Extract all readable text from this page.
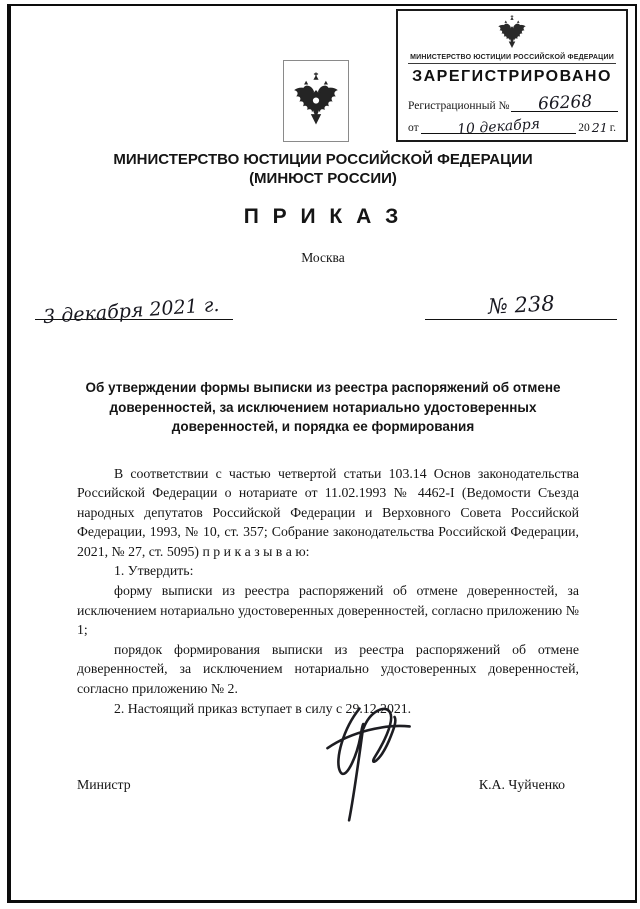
МИНИСТЕРСТВО ЮСТИЦИИ РОССИЙСКОЙ ФЕДЕРАЦИИ
ЗАРЕГИСТРИРОВАНО
Регистрационный №	66268
от	10 декабря	20 21 г.
МИНИСТЕРСТВО ЮСТИЦИИ РОССИЙСКОЙ ФЕДЕРАЦИИ
(МИНЮСТ РОССИИ)
П Р И К А З
Москва
3 декабря 2021 г.	№ 238
Об утверждении формы выписки из реестра распоряжений об отмене доверенностей, за исключением нотариально удостоверенных доверенностей, и порядка ее формирования

В соответствии с частью четвертой статьи 103.14 Основ законодательства Российской Федерации о нотариате от 11.02.1993 № 4462-I (Ведомости Съезда народных депутатов Российской Федерации и Верховного Совета Российской Федерации, 1993, № 10, ст. 357; Собрание законодательства Российской Федерации, 2021, № 27, ст. 5095) п р и к а з ы в а ю:

1. Утвердить:

форму выписки из реестра распоряжений об отмене доверенностей, за исключением нотариально удостоверенных доверенностей, согласно приложению № 1;

порядок формирования выписки из реестра распоряжений об отмене доверенностей, за исключением нотариально удостоверенных доверенностей, согласно приложению № 2.

2. Настоящий приказ вступает в силу с 29.12.2021.

Министр	К.А. Чуйченко
